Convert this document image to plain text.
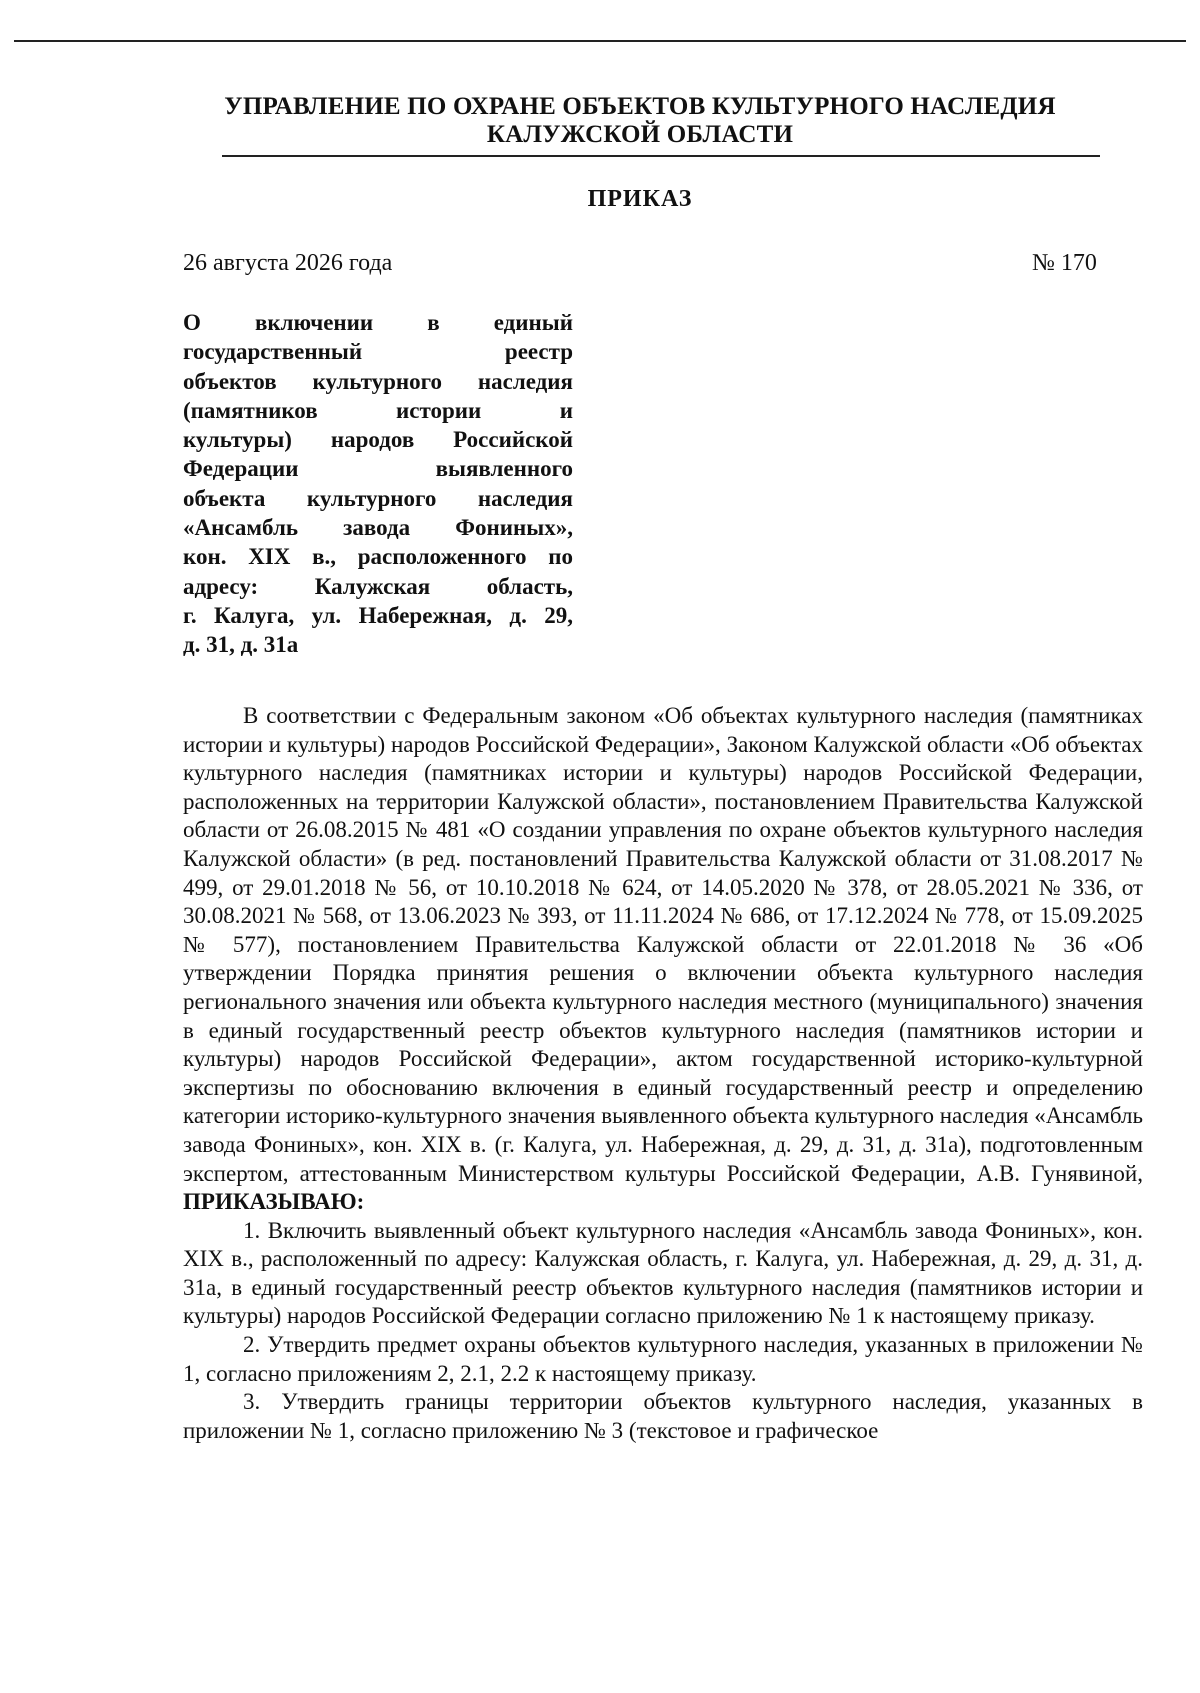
УПРАВЛЕНИЕ ПО ОХРАНЕ ОБЪЕКТОВ КУЛЬТУРНОГО НАСЛЕДИЯ
КАЛУЖСКОЙ ОБЛАСТИ
ПРИКАЗ
26 августа 2026 года	№ 170
О включении в единый
государственный реестр
объектов культурного наследия
(памятников истории и
культуры) народов Российской
Федерации выявленного
объекта культурного наследия
«Ансамбль завода Фониных»,
кон. XIX в., расположенного по
адресу: Калужская область,
г. Калуга, ул. Набережная, д. 29,
д. 31, д. 31а

В соответствии с Федеральным законом «Об объектах культурного наследия (памятниках истории и культуры) народов Российской Федерации», Законом Калужской области «Об объектах культурного наследия (памятниках истории и культуры) народов Российской Федерации, расположенных на территории Калужской области», постановлением Правительства Калужской области от 26.08.2015 № 481 «О создании управления по охране объектов культурного наследия Калужской области» (в ред. постановлений Правительства Калужской области от 31.08.2017 № 499, от 29.01.2018 № 56, от 10.10.2018 № 624, от 14.05.2020 № 378, от 28.05.2021 № 336, от 30.08.2021 № 568, от 13.06.2023 № 393, от 11.11.2024 № 686, от 17.12.2024 № 778, от 15.09.2025 № 577), постановлением Правительства Калужской области от 22.01.2018 № 36 «Об утверждении Порядка принятия решения о включении объекта культурного наследия регионального значения или объекта культурного наследия местного (муниципального) значения в единый государственный реестр объектов культурного наследия (памятников истории и культуры) народов Российской Федерации», актом государственной историко-культурной экспертизы по обоснованию включения в единый государственный реестр и определению категории историко-культурного значения выявленного объекта культурного наследия «Ансамбль завода Фониных», кон. XIX в. (г. Калуга, ул. Набережная, д. 29, д. 31, д. 31а), подготовленным экспертом, аттестованным Министерством культуры Российской Федерации, А.В. Гунявиной, ПРИКАЗЫВАЮ:

1. Включить выявленный объект культурного наследия «Ансамбль завода Фониных», кон. XIX в., расположенный по адресу: Калужская область, г. Калуга, ул. Набережная, д. 29, д. 31, д. 31а, в единый государственный реестр объектов культурного наследия (памятников истории и культуры) народов Российской Федерации согласно приложению № 1 к настоящему приказу.

2. Утвердить предмет охраны объектов культурного наследия, указанных в приложении № 1, согласно приложениям 2, 2.1, 2.2 к настоящему приказу.

3. Утвердить границы территории объектов культурного наследия, указанных в приложении № 1, согласно приложению № 3 (текстовое и графическое
